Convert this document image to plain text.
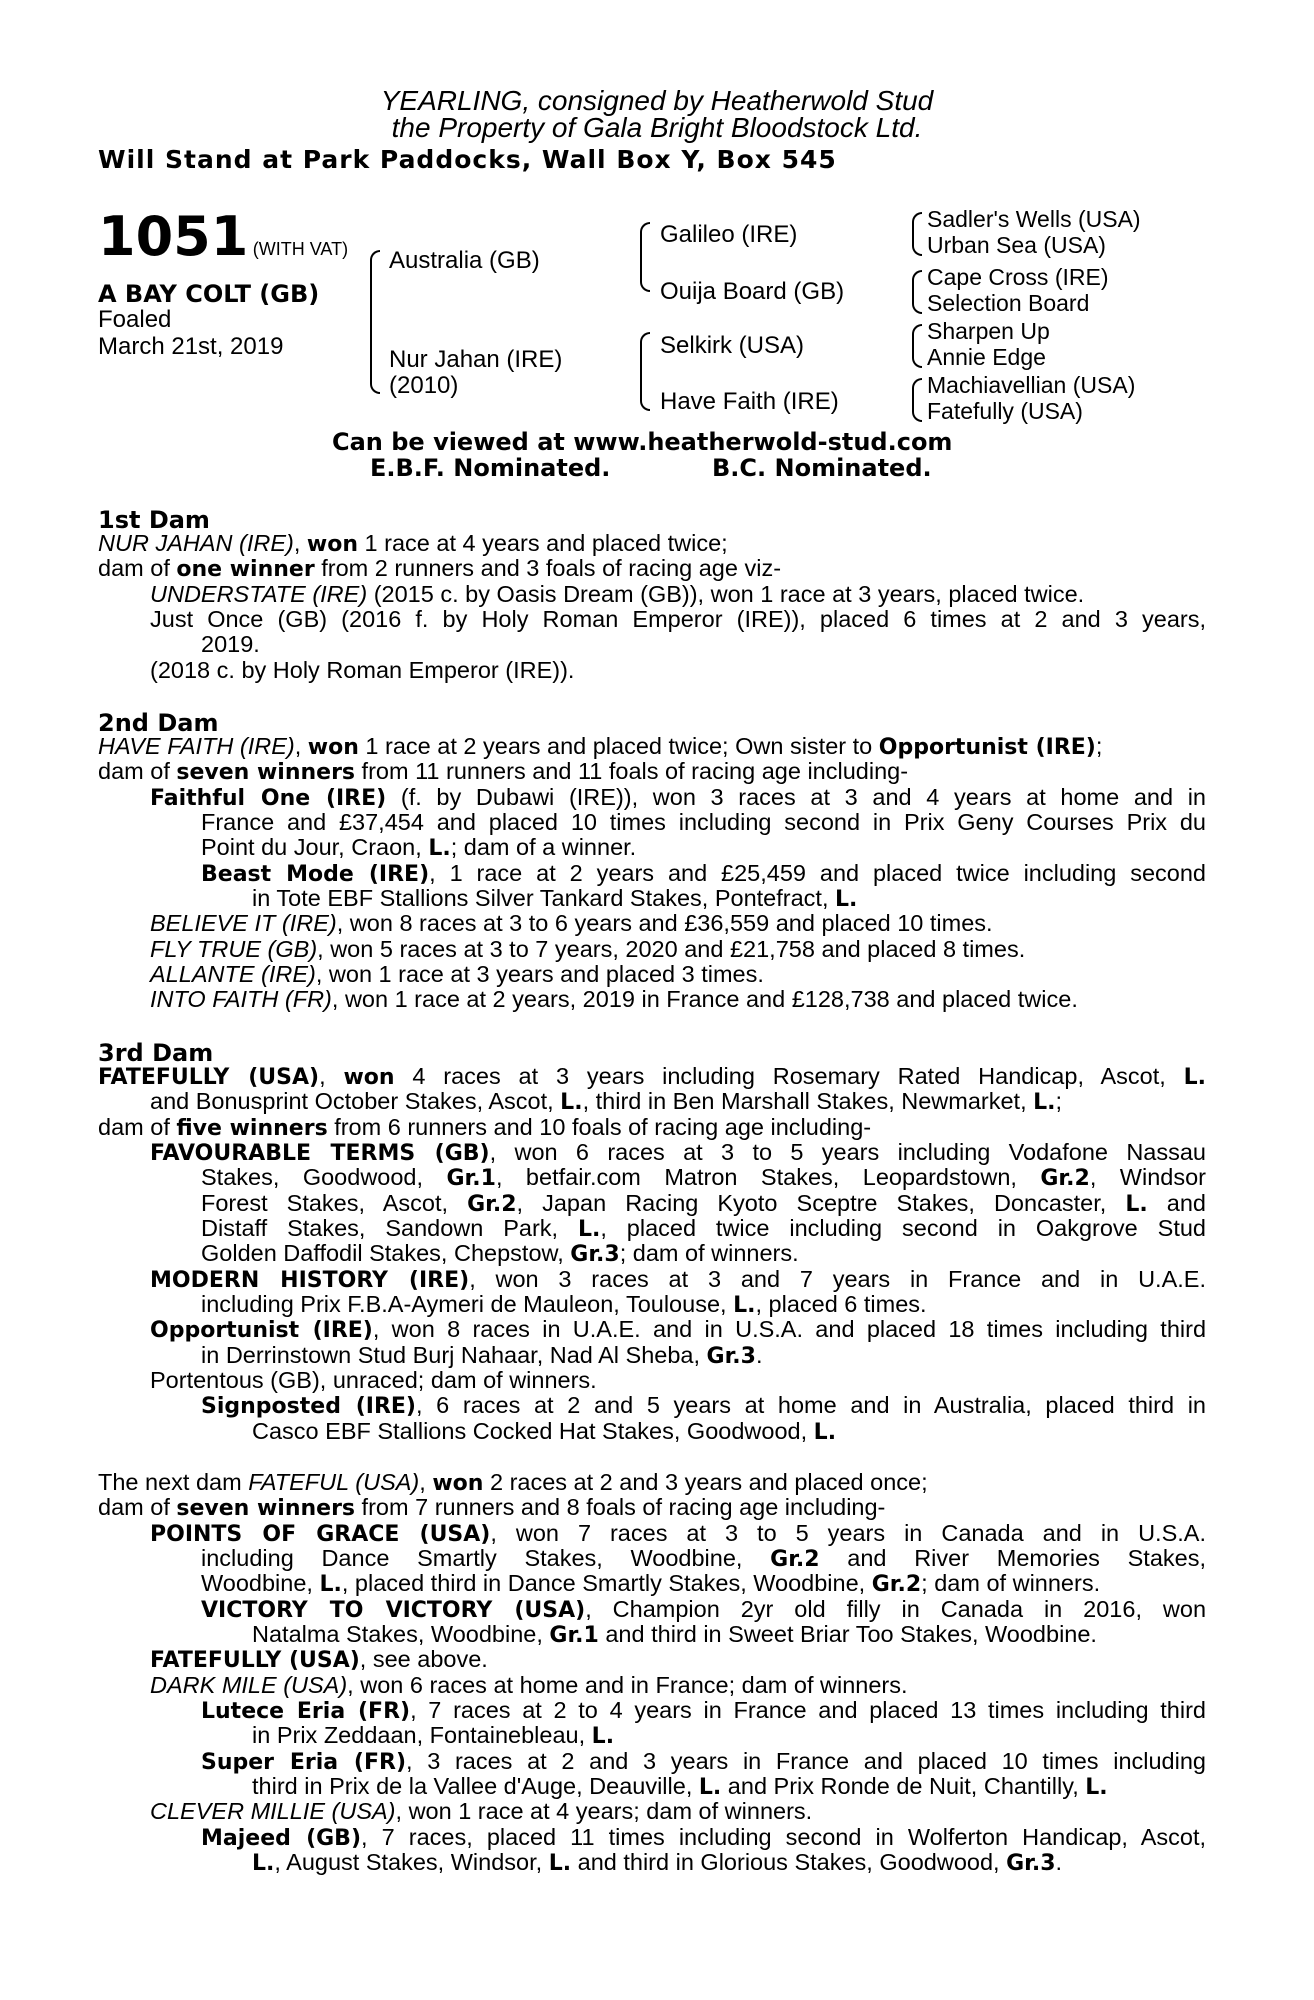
YEARLING, consigned by Heatherwold Stud
the Property of Gala Bright Bloodstock Ltd.
Will Stand at Park Paddocks, Wall Box Y, Box 545
1051 (WITH VAT)
A BAY COLT (GB)
Foaled
March 21st, 2019
Australia (GB)
Nur Jahan (IRE)
(2010)
Galileo (IRE)
Ouija Board (GB)
Selkirk (USA)
Have Faith (IRE)
Sadler's Wells (USA)
Urban Sea (USA)
Cape Cross (IRE)
Selection Board
Sharpen Up
Annie Edge
Machiavellian (USA)
Fatefully (USA)
Can be viewed at www.heatherwold-stud.com
E.B.F. Nominated.	B.C. Nominated.
1st Dam
NUR JAHAN (IRE), won 1 race at 4 years and placed twice;
dam of one winner from 2 runners and 3 foals of racing age viz-
UNDERSTATE (IRE) (2015 c. by Oasis Dream (GB)), won 1 race at 3 years, placed twice.
Just Once (GB) (2016 f. by Holy Roman Emperor (IRE)), placed 6 times at 2 and 3 years,
2019.
(2018 c. by Holy Roman Emperor (IRE)).
2nd Dam
HAVE FAITH (IRE), won 1 race at 2 years and placed twice; Own sister to Opportunist (IRE);
dam of seven winners from 11 runners and 11 foals of racing age including-
Faithful One (IRE) (f. by Dubawi (IRE)), won 3 races at 3 and 4 years at home and in
France and £37,454 and placed 10 times including second in Prix Geny Courses Prix du
Point du Jour, Craon, L.; dam of a winner.
Beast Mode (IRE), 1 race at 2 years and £25,459 and placed twice including second
in Tote EBF Stallions Silver Tankard Stakes, Pontefract, L.
BELIEVE IT (IRE), won 8 races at 3 to 6 years and £36,559 and placed 10 times.
FLY TRUE (GB), won 5 races at 3 to 7 years, 2020 and £21,758 and placed 8 times.
ALLANTE (IRE), won 1 race at 3 years and placed 3 times.
INTO FAITH (FR), won 1 race at 2 years, 2019 in France and £128,738 and placed twice.
3rd Dam
FATEFULLY (USA), won 4 races at 3 years including Rosemary Rated Handicap, Ascot, L.
and Bonusprint October Stakes, Ascot, L., third in Ben Marshall Stakes, Newmarket, L.;
dam of five winners from 6 runners and 10 foals of racing age including-
FAVOURABLE TERMS (GB), won 6 races at 3 to 5 years including Vodafone Nassau
Stakes, Goodwood, Gr.1, betfair.com Matron Stakes, Leopardstown, Gr.2, Windsor
Forest Stakes, Ascot, Gr.2, Japan Racing Kyoto Sceptre Stakes, Doncaster, L. and
Distaff Stakes, Sandown Park, L., placed twice including second in Oakgrove Stud
Golden Daffodil Stakes, Chepstow, Gr.3; dam of winners.
MODERN HISTORY (IRE), won 3 races at 3 and 7 years in France and in U.A.E.
including Prix F.B.A-Aymeri de Mauleon, Toulouse, L., placed 6 times.
Opportunist (IRE), won 8 races in U.A.E. and in U.S.A. and placed 18 times including third
in Derrinstown Stud Burj Nahaar, Nad Al Sheba, Gr.3.
Portentous (GB), unraced; dam of winners.
Signposted (IRE), 6 races at 2 and 5 years at home and in Australia, placed third in
Casco EBF Stallions Cocked Hat Stakes, Goodwood, L.
The next dam FATEFUL (USA), won 2 races at 2 and 3 years and placed once;
dam of seven winners from 7 runners and 8 foals of racing age including-
POINTS OF GRACE (USA), won 7 races at 3 to 5 years in Canada and in U.S.A.
including Dance Smartly Stakes, Woodbine, Gr.2 and River Memories Stakes,
Woodbine, L., placed third in Dance Smartly Stakes, Woodbine, Gr.2; dam of winners.
VICTORY TO VICTORY (USA), Champion 2yr old filly in Canada in 2016, won
Natalma Stakes, Woodbine, Gr.1 and third in Sweet Briar Too Stakes, Woodbine.
FATEFULLY (USA), see above.
DARK MILE (USA), won 6 races at home and in France; dam of winners.
Lutece Eria (FR), 7 races at 2 to 4 years in France and placed 13 times including third
in Prix Zeddaan, Fontainebleau, L.
Super Eria (FR), 3 races at 2 and 3 years in France and placed 10 times including
third in Prix de la Vallee d'Auge, Deauville, L. and Prix Ronde de Nuit, Chantilly, L.
CLEVER MILLIE (USA), won 1 race at 4 years; dam of winners.
Majeed (GB), 7 races, placed 11 times including second in Wolferton Handicap, Ascot,
L., August Stakes, Windsor, L. and third in Glorious Stakes, Goodwood, Gr.3.
